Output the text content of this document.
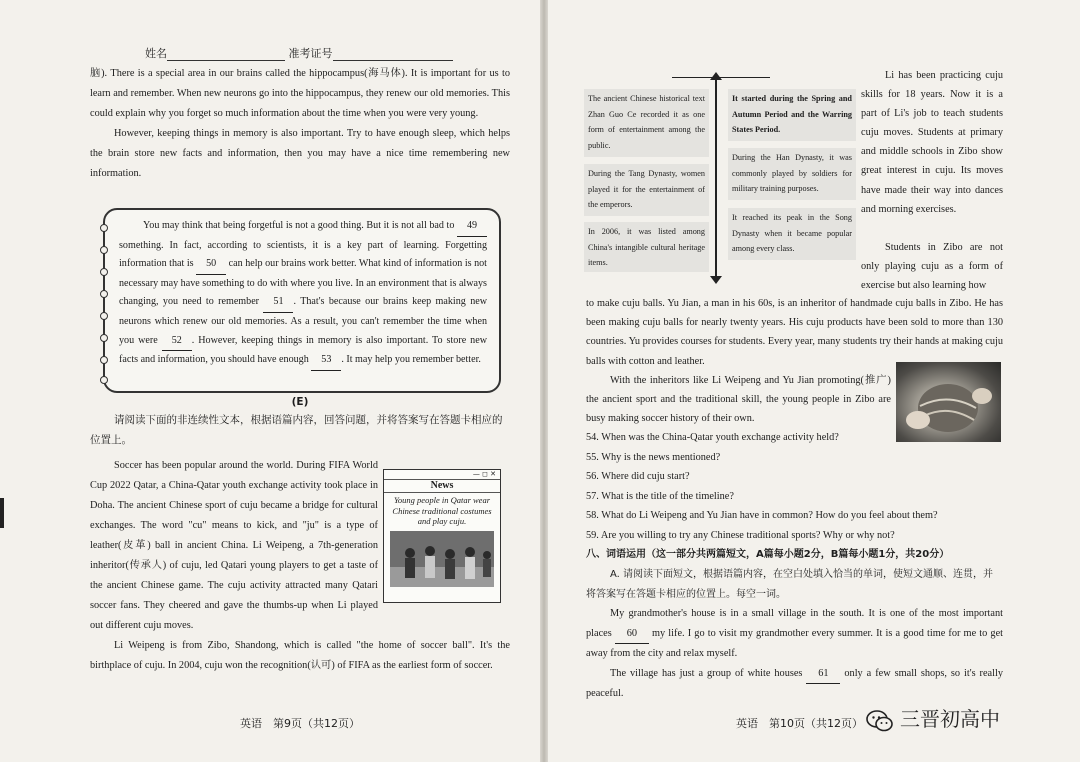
姓名	准考证号

脑). There is a special area in our brains called the hippocampus(海马体). It is important for us to learn and remember. When new neurons go into the hippocampus, they renew our old memories. This could explain why you forget so much information about the time when you were very young.

However, keeping things in memory is also important. Try to have enough sleep, which helps the brain store new facts and information, then you may have a nice time remembering new information.

You may think that being forgetful is not a good thing. But it is not all bad to 49 something. In fact, according to scientists, it is a key part of learning. Forgetting information that is 50 can help our brains work better. What kind of information is not necessary may have something to do with where you live. In an environment that is always changing, you need to remember 51 . That's because our brains keep making new neurons which renew our old memories. As a result, you can't remember the time when you were 52 . However, keeping things in memory is also important. To store new facts and information, you should have enough 53 . It may help you remember better.

(E)

请阅读下面的非连续性文本，根据语篇内容，回答问题，并将答案写在答题卡相应的位置上。

Soccer has been popular around the world. During FIFA World Cup 2022 Qatar, a China-Qatar youth exchange activity took place in Doha. The ancient Chinese sport of cuju became a bridge for cultural exchanges. The word "cu" means to kick, and "ju" is a type of leather(皮革) ball in ancient China. Li Weipeng, a 7th-generation inheritor(传承人) of cuju, led Qatari young players to get a taste of the ancient Chinese game. The cuju activity attracted many Qatari soccer fans. They cheered and gave the thumbs-up when Li played out different cuju moves.

Li Weipeng is from Zibo, Shandong, which is called "the home of soccer ball". It's the birthplace of cuju. In 2004, cuju won the recognition(认可) of FIFA as the earliest form of soccer.

— ◻ ✕
News
Young people in Qatar wear Chinese traditional costumes and play cuju.
英语　第9页（共12页）
The ancient Chinese historical text Zhan Guo Ce recorded it as one form of entertainment among the public.
During the Tang Dynasty, women played it for the entertainment of the emperors.
In 2006, it was listed among China's intangible cultural heritage items.
It started during the Spring and Autumn Period and the Warring States Period.
During the Han Dynasty, it was commonly played by soldiers for military training purposes.
It reached its peak in the Song Dynasty when it became popular among every class.

Li has been practicing cuju skills for 18 years. Now it is a part of Li's job to teach students cuju moves. Students at primary and middle schools in Zibo show great interest in cuju. Its moves have made their way into dances and morning exercises.

Students in Zibo are not only playing cuju as a form of exercise but also learning how

to make cuju balls. Yu Jian, a man in his 60s, is an inheritor of handmade cuju balls in Zibo. He has been making cuju balls for nearly twenty years. His cuju products have been sold to more than 130 countries. Yu provides courses for students. Every year, many students try their hands at making cuju balls with cotton and leather.

With the inheritors like Li Weipeng and Yu Jian promoting(推广) the ancient sport and the traditional skill, the young people in Zibo are busy making soccer history of their own.

54. When was the China-Qatar youth exchange activity held?
55. Why is the news mentioned?
56. Where did cuju start?
57. What is the title of the timeline?
58. What do Li Weipeng and Yu Jian have in common? How do you feel about them?
59. Are you willing to try any Chinese traditional sports? Why or why not?

八、词语运用（这一部分共两篇短文，A篇每小题2分，B篇每小题1分，共20分）

A. 请阅读下面短文，根据语篇内容，在空白处填入恰当的单词，使短文通顺、连贯，并将答案写在答题卡相应的位置上。每空一词。

My grandmother's house is in a small village in the south. It is one of the most important places 60 my life. I go to visit my grandmother every summer. It is a good time for me to get away from the city and relax myself.

The village has just a group of white houses 61 only a few small shops, so it's really peaceful.

英语　第10页（共12页）	三晋初高中
